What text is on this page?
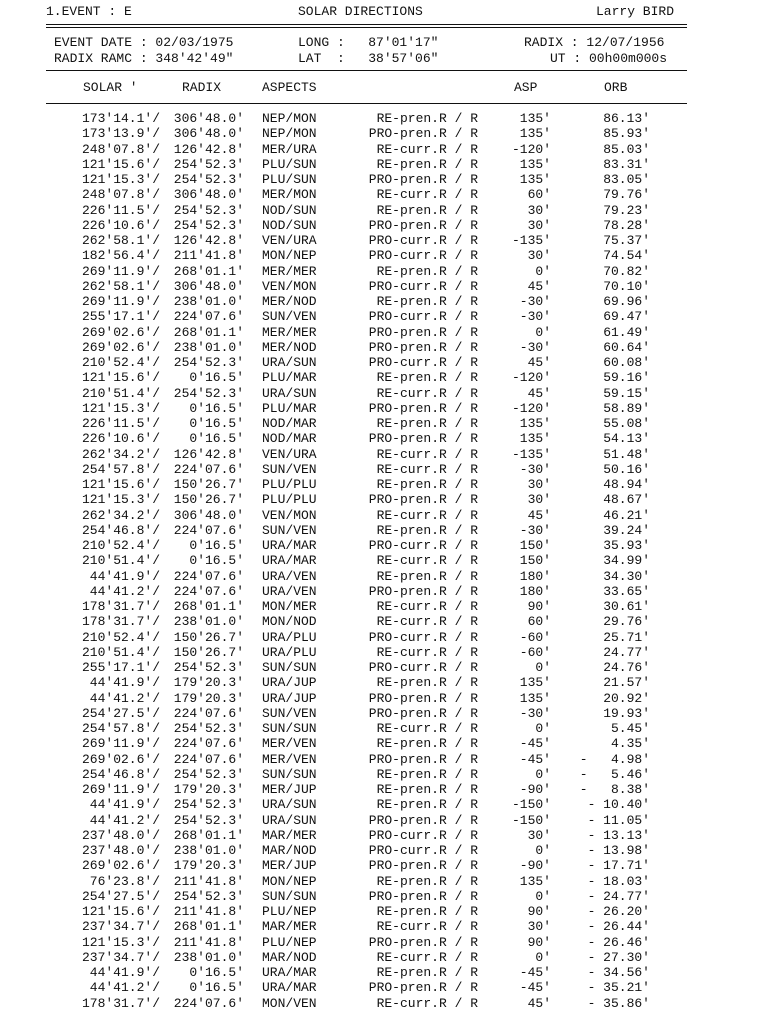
1.EVENT : E	SOLAR DIRECTIONS	Larry BIRD
EVENT DATE : 02/03/1975	LONG :   87'01'17"	RADIX : 12/07/1956
RADIX RAMC : 348'42'49"	LAT  :   38'57'06"	UT : 00h00m000s
SOLAR '	RADIX	ASPECTS	ASP	ORB
173'14.1'/ 306'48.0' NEP/MON	RE-pren.R / R	135'	86.13'
173'13.9'/ 306'48.0' NEP/MON	PRO-pren.R / R	135'	85.93'
248'07.8'/ 126'42.8' MER/URA	RE-curr.R / R	-120'	85.03'
121'15.6'/ 254'52.3' PLU/SUN	RE-pren.R / R	135'	83.31'
121'15.3'/ 254'52.3' PLU/SUN	PRO-pren.R / R	135'	83.05'
248'07.8'/ 306'48.0' MER/MON	RE-curr.R / R	60'	79.76'
226'11.5'/ 254'52.3' NOD/SUN	RE-pren.R / R	30'	79.23'
226'10.6'/ 254'52.3' NOD/SUN	PRO-pren.R / R	30'	78.28'
262'58.1'/ 126'42.8' VEN/URA	PRO-curr.R / R	-135'	75.37'
182'56.4'/ 211'41.8' MON/NEP	PRO-curr.R / R	30'	74.54'
269'11.9'/ 268'01.1' MER/MER	RE-pren.R / R	0'	70.82'
262'58.1'/ 306'48.0' VEN/MON	PRO-curr.R / R	45'	70.10'
269'11.9'/ 238'01.0' MER/NOD	RE-pren.R / R	-30'	69.96'
255'17.1'/ 224'07.6' SUN/VEN	PRO-curr.R / R	-30'	69.47'
269'02.6'/ 268'01.1' MER/MER	PRO-pren.R / R	0'	61.49'
269'02.6'/ 238'01.0' MER/NOD	PRO-pren.R / R	-30'	60.64'
210'52.4'/ 254'52.3' URA/SUN	PRO-curr.R / R	45'	60.08'
121'15.6'/ 0'16.5' PLU/MAR	RE-pren.R / R	-120'	59.16'
210'51.4'/ 254'52.3' URA/SUN	RE-curr.R / R	45'	59.15'
121'15.3'/ 0'16.5' PLU/MAR	PRO-pren.R / R	-120'	58.89'
226'11.5'/ 0'16.5' NOD/MAR	RE-pren.R / R	135'	55.08'
226'10.6'/ 0'16.5' NOD/MAR	PRO-pren.R / R	135'	54.13'
262'34.2'/ 126'42.8' VEN/URA	RE-curr.R / R	-135'	51.48'
254'57.8'/ 224'07.6' SUN/VEN	RE-curr.R / R	-30'	50.16'
121'15.6'/ 150'26.7' PLU/PLU	RE-pren.R / R	30'	48.94'
121'15.3'/ 150'26.7' PLU/PLU	PRO-pren.R / R	30'	48.67'
262'34.2'/ 306'48.0' VEN/MON	RE-curr.R / R	45'	46.21'
254'46.8'/ 224'07.6' SUN/VEN	RE-pren.R / R	-30'	39.24'
210'52.4'/ 0'16.5' URA/MAR	PRO-curr.R / R	150'	35.93'
210'51.4'/ 0'16.5' URA/MAR	RE-curr.R / R	150'	34.99'
44'41.9'/ 224'07.6' URA/VEN	RE-pren.R / R	180'	34.30'
44'41.2'/ 224'07.6' URA/VEN	PRO-pren.R / R	180'	33.65'
178'31.7'/ 268'01.1' MON/MER	RE-curr.R / R	90'	30.61'
178'31.7'/ 238'01.0' MON/NOD	RE-curr.R / R	60'	29.76'
210'52.4'/ 150'26.7' URA/PLU	PRO-curr.R / R	-60'	25.71'
210'51.4'/ 150'26.7' URA/PLU	RE-curr.R / R	-60'	24.77'
255'17.1'/ 254'52.3' SUN/SUN	PRO-curr.R / R	0'	24.76'
44'41.9'/ 179'20.3' URA/JUP	RE-pren.R / R	135'	21.57'
44'41.2'/ 179'20.3' URA/JUP	PRO-pren.R / R	135'	20.92'
254'27.5'/ 224'07.6' SUN/VEN	PRO-pren.R / R	-30'	19.93'
254'57.8'/ 254'52.3' SUN/SUN	RE-curr.R / R	0'	5.45'
269'11.9'/ 224'07.6' MER/VEN	RE-pren.R / R	-45'	4.35'
269'02.6'/ 224'07.6' MER/VEN	PRO-pren.R / R	-45' -   4.98'
254'46.8'/ 254'52.3' SUN/SUN	RE-pren.R / R	0' -   5.46'
269'11.9'/ 179'20.3' MER/JUP	RE-pren.R / R	-90' -   8.38'
44'41.9'/ 254'52.3' URA/SUN	RE-pren.R / R	-150'	- 10.40'
44'41.2'/ 254'52.3' URA/SUN	PRO-pren.R / R	-150'	- 11.05'
237'48.0'/ 268'01.1' MAR/MER	PRO-curr.R / R	30'	- 13.13'
237'48.0'/ 238'01.0' MAR/NOD	PRO-curr.R / R	0'	- 13.98'
269'02.6'/ 179'20.3' MER/JUP	PRO-pren.R / R	-90'	- 17.71'
76'23.8'/ 211'41.8' MON/NEP	RE-pren.R / R	135'	- 18.03'
254'27.5'/ 254'52.3' SUN/SUN	PRO-pren.R / R	0'	- 24.77'
121'15.6'/ 211'41.8' PLU/NEP	RE-pren.R / R	90'	- 26.20'
237'34.7'/ 268'01.1' MAR/MER	RE-curr.R / R	30'	- 26.44'
121'15.3'/ 211'41.8' PLU/NEP	PRO-pren.R / R	90'	- 26.46'
237'34.7'/ 238'01.0' MAR/NOD	RE-curr.R / R	0'	- 27.30'
44'41.9'/ 0'16.5' URA/MAR	RE-pren.R / R	-45'	- 34.56'
44'41.2'/ 0'16.5' URA/MAR	PRO-pren.R / R	-45'	- 35.21'
178'31.7'/ 224'07.6' MON/VEN	RE-curr.R / R	45'	- 35.86'
